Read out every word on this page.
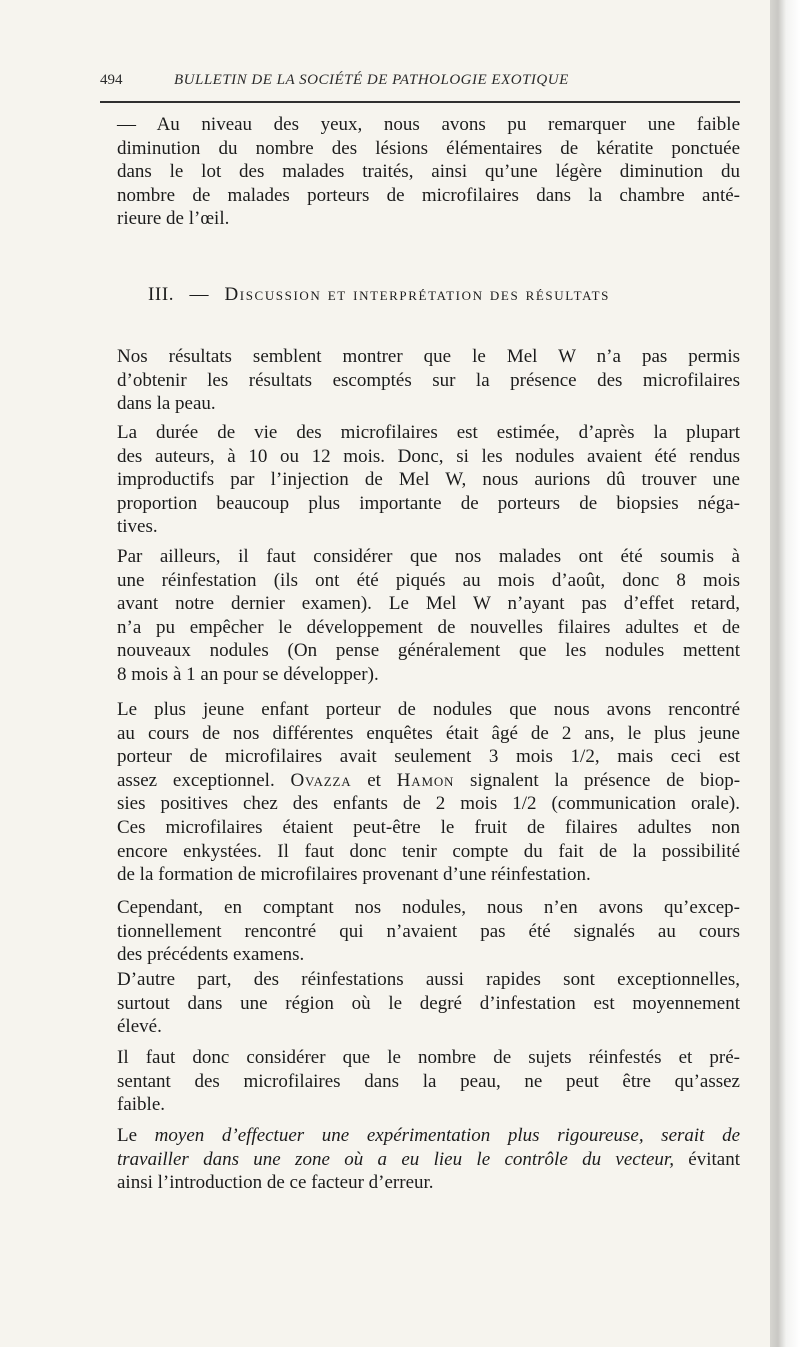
494	BULLETIN DE LA SOCIÉTÉ DE PATHOLOGIE EXOTIQUE
— Au niveau des yeux, nous avons pu remarquer une faible
diminution du nombre des lésions élémentaires de kératite ponctuée
dans le lot des malades traités, ainsi qu’une légère diminution du
nombre de malades porteurs de microfilaires dans la chambre anté-
rieure de l’œil.
III. — Discussion et interprétation des résultats
Nos résultats semblent montrer que le Mel W n’a pas permis
d’obtenir les résultats escomptés sur la présence des microfilaires
dans la peau.
La durée de vie des microfilaires est estimée, d’après la plupart
des auteurs, à 10 ou 12 mois. Donc, si les nodules avaient été rendus
improductifs par l’injection de Mel W, nous aurions dû trouver une
proportion beaucoup plus importante de porteurs de biopsies néga-
tives.
Par ailleurs, il faut considérer que nos malades ont été soumis à
une réinfestation (ils ont été piqués au mois d’août, donc 8 mois
avant notre dernier examen). Le Mel W n’ayant pas d’effet retard,
n’a pu empêcher le développement de nouvelles filaires adultes et de
nouveaux nodules (On pense généralement que les nodules mettent
8 mois à 1 an pour se développer).
Le plus jeune enfant porteur de nodules que nous avons rencontré
au cours de nos différentes enquêtes était âgé de 2 ans, le plus jeune
porteur de microfilaires avait seulement 3 mois 1/2, mais ceci est
assez exceptionnel. Ovazza et Hamon signalent la présence de biop-
sies positives chez des enfants de 2 mois 1/2 (communication orale).
Ces microfilaires étaient peut-être le fruit de filaires adultes non
encore enkystées. Il faut donc tenir compte du fait de la possibilité
de la formation de microfilaires provenant d’une réinfestation.
Cependant, en comptant nos nodules, nous n’en avons qu’excep-
tionnellement rencontré qui n’avaient pas été signalés au cours
des précédents examens.
D’autre part, des réinfestations aussi rapides sont exceptionnelles,
surtout dans une région où le degré d’infestation est moyennement
élevé.
Il faut donc considérer que le nombre de sujets réinfestés et pré-
sentant des microfilaires dans la peau, ne peut être qu’assez
faible.
Le moyen d’effectuer une expérimentation plus rigoureuse, serait de
travailler dans une zone où a eu lieu le contrôle du vecteur, évitant
ainsi l’introduction de ce facteur d’erreur.
